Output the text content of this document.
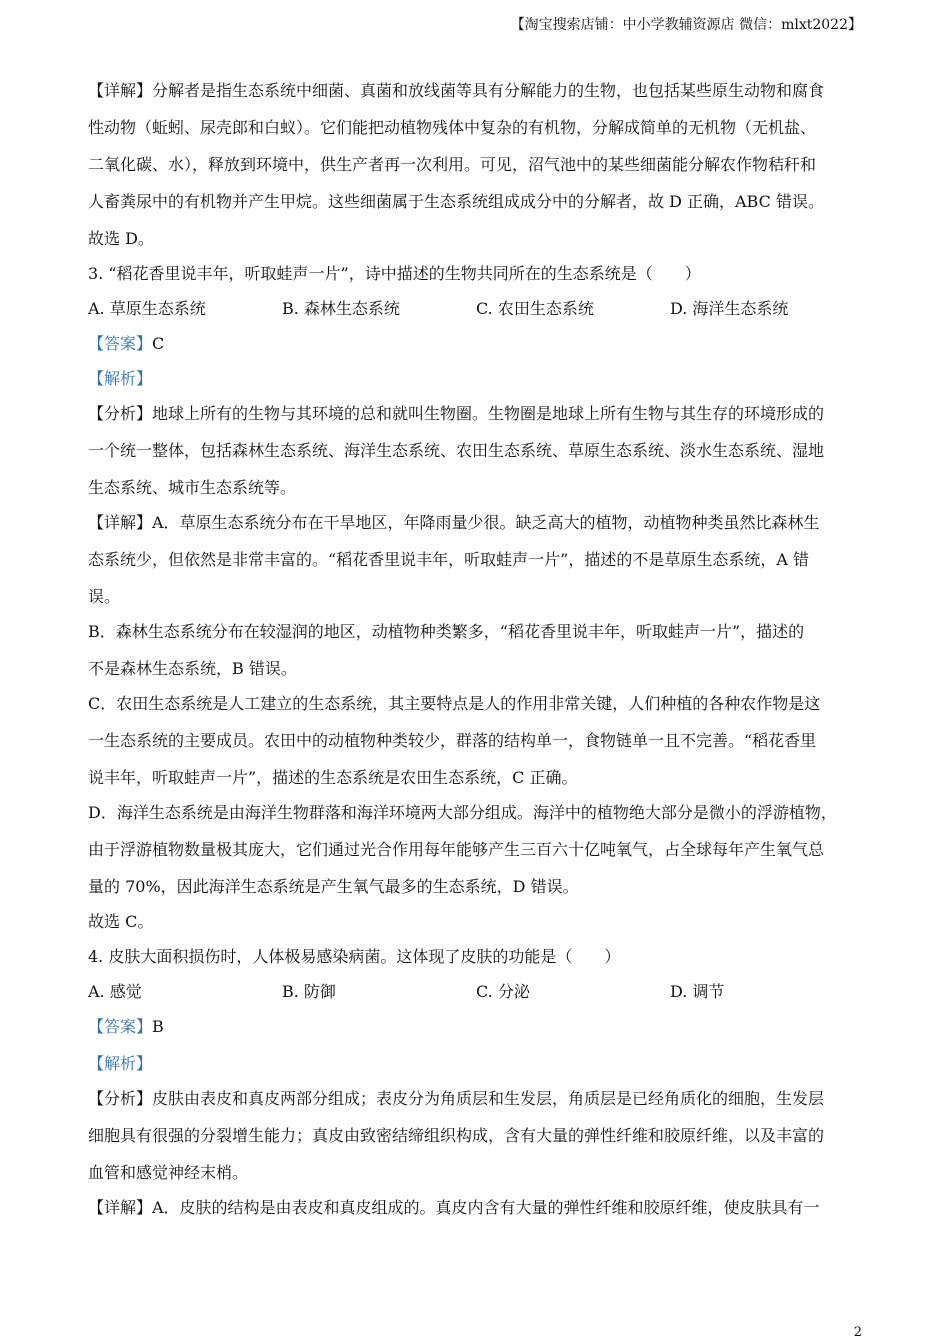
【淘宝搜索店铺：中小学教辅资源店 微信：mlxt2022】
【详解】分解者是指生态系统中细菌、真菌和放线菌等具有分解能力的生物，也包括某些原生动物和腐食
性动物（蚯蚓、尿壳郎和白蚁）。它们能把动植物残体中复杂的有机物，分解成简单的无机物（无机盐、
二氧化碳、水），释放到环境中，供生产者再一次利用。可见，沼气池中的某些细菌能分解农作物秸秆和
人畜粪尿中的有机物并产生甲烷。这些细菌属于生态系统组成成分中的分解者，故 D 正确，ABC 错误。
故选 D。
3. “稻花香里说丰年，听取蛙声一片”，诗中描述的生物共同所在的生态系统是（　　）
A. 草原生态系统	B. 森林生态系统	C. 农田生态系统	D. 海洋生态系统
【答案】C
【解析】
【分析】地球上所有的生物与其环境的总和就叫生物圈。生物圈是地球上所有生物与其生存的环境形成的
一个统一整体，包括森林生态系统、海洋生态系统、农田生态系统、草原生态系统、淡水生态系统、湿地
生态系统、城市生态系统等。
【详解】A．草原生态系统分布在干旱地区，年降雨量少很。缺乏高大的植物，动植物种类虽然比森林生
态系统少，但依然是非常丰富的。“稻花香里说丰年，听取蛙声一片”，描述的不是草原生态系统，A 错
误。
B．森林生态系统分布在较湿润的地区，动植物种类繁多，“稻花香里说丰年，听取蛙声一片”，描述的
不是森林生态系统，B 错误。
C．农田生态系统是人工建立的生态系统，其主要特点是人的作用非常关键，人们种植的各种农作物是这
一生态系统的主要成员。农田中的动植物种类较少，群落的结构单一，食物链单一且不完善。“稻花香里
说丰年，听取蛙声一片”，描述的生态系统是农田生态系统，C 正确。
D．海洋生态系统是由海洋生物群落和海洋环境两大部分组成。海洋中的植物绝大部分是微小的浮游植物，
由于浮游植物数量极其庞大，它们通过光合作用每年能够产生三百六十亿吨氧气，占全球每年产生氧气总
量的 70%，因此海洋生态系统是产生氧气最多的生态系统，D 错误。
故选 C。
4. 皮肤大面积损伤时，人体极易感染病菌。这体现了皮肤的功能是（　　）
A. 感觉	B. 防御	C. 分泌	D. 调节
【答案】B
【解析】
【分析】皮肤由表皮和真皮两部分组成；表皮分为角质层和生发层，角质层是已经角质化的细胞，生发层
细胞具有很强的分裂增生能力；真皮由致密结缔组织构成，含有大量的弹性纤维和胶原纤维，以及丰富的
血管和感觉神经末梢。
【详解】A．皮肤的结构是由表皮和真皮组成的。真皮内含有大量的弹性纤维和胶原纤维，使皮肤具有一
2
